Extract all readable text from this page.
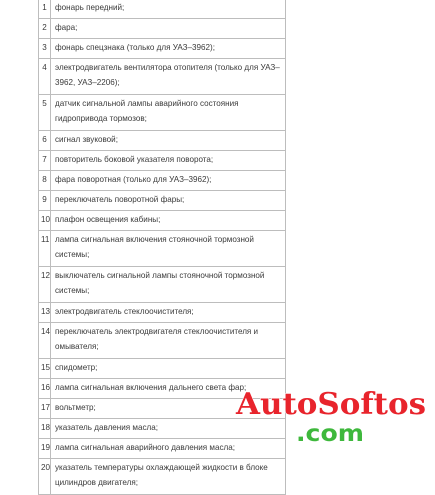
1	фонарь передний;
2	фара;
3	фонарь спецзнака (только для УАЗ–3962);
4	электродвигатель вентилятора отопителя (только для УАЗ–3962, УАЗ–2206);
5	датчик сигнальной лампы аварийного состояния гидропривода тормозов;
6	сигнал звуковой;
7	повторитель боковой указателя поворота;
8	фара поворотная (только для УАЗ–3962);
9	переключатель поворотной фары;
10	плафон освещения кабины;
11	лампа сигнальная включения стояночной тормозной системы;
12	выключатель сигнальной лампы стояночной тормозной системы;
13	электродвигатель стеклоочистителя;
14	переключатель электродвигателя стеклоочистителя и омывателя;
15	спидометр;
16	лампа сигнальная включения дальнего света фар;
17	вольтметр;
18	указатель давления масла;
19	лампа сигнальная аварийного давления масла;
20	указатель температуры охлаждающей жидкости в блоке цилиндров двигателя;
AutoSoftos
.com
